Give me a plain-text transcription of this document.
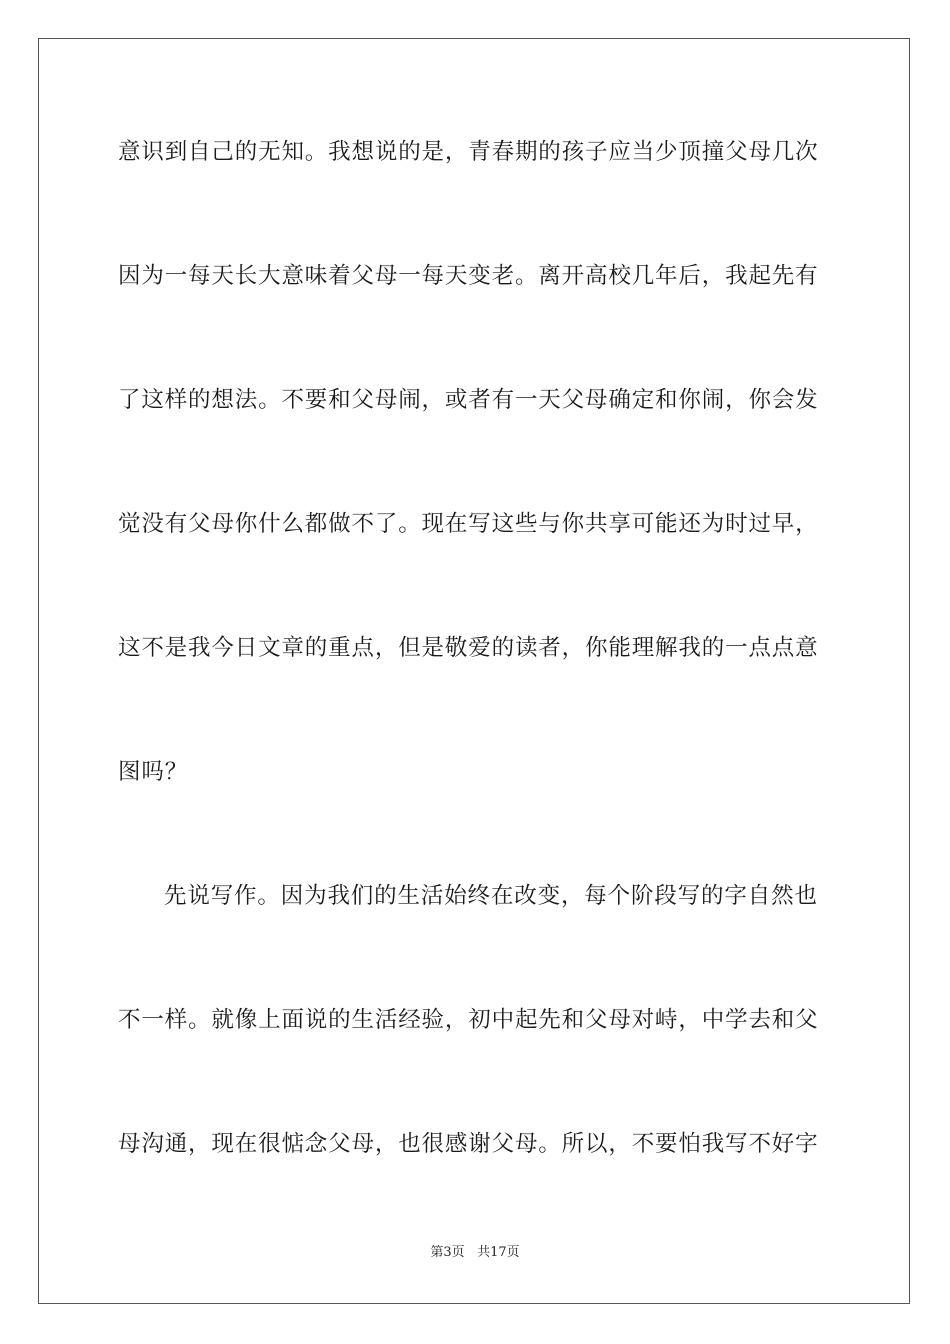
意识到自己的无知。我想说的是，青春期的孩子应当少顶撞父母几次
因为一每天长大意味着父母一每天变老。离开高校几年后，我起先有
了这样的想法。不要和父母闹，或者有一天父母确定和你闹，你会发
觉没有父母你什么都做不了。现在写这些与你共享可能还为时过早，
这不是我今日文章的重点，但是敬爱的读者，你能理解我的一点点意
图吗？
先说写作。因为我们的生活始终在改变，每个阶段写的字自然也
不一样。就像上面说的生活经验，初中起先和父母对峙，中学去和父
母沟通，现在很惦念父母，也很感谢父母。所以，不要怕我写不好字
第3页 共17页
